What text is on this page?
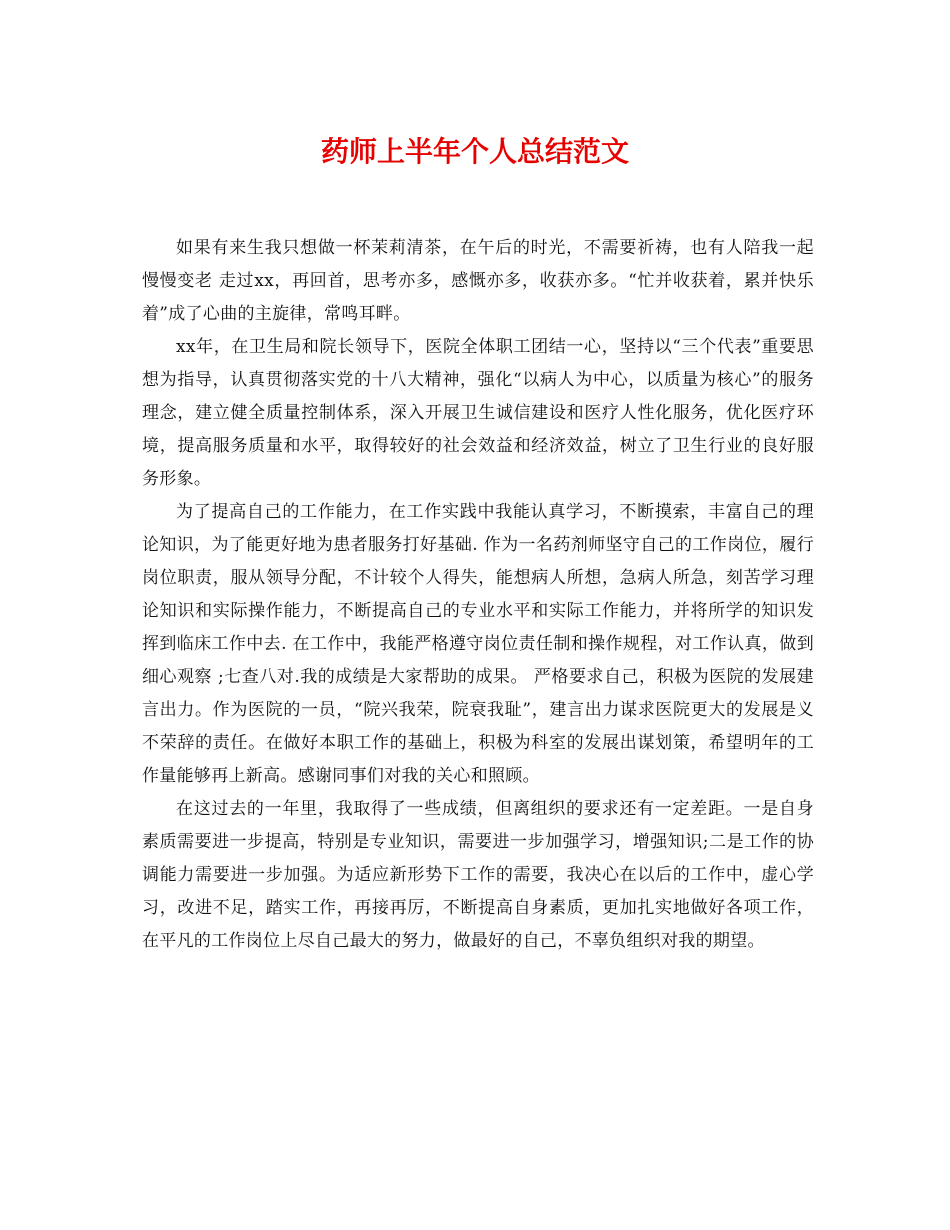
药师上半年个人总结范文

如果有来生我只想做一杯茉莉清茶，在午后的时光，不需要祈祷，也有人陪我一起慢慢变老 走过xx，再回首，思考亦多，感慨亦多，收获亦多。“忙并收获着，累并快乐着”成了心曲的主旋律，常鸣耳畔。

xx年，在卫生局和院长领导下，医院全体职工团结一心，坚持以“三个代表”重要思想为指导，认真贯彻落实党的十八大精神，强化“以病人为中心，以质量为核心”的服务理念，建立健全质量控制体系，深入开展卫生诚信建设和医疗人性化服务，优化医疗环境，提高服务质量和水平，取得较好的社会效益和经济效益，树立了卫生行业的良好服务形象。

为了提高自己的工作能力，在工作实践中我能认真学习，不断摸索，丰富自己的理论知识，为了能更好地为患者服务打好基础. 作为一名药剂师坚守自己的工作岗位，履行岗位职责，服从领导分配，不计较个人得失，能想病人所想，急病人所急，刻苦学习理论知识和实际操作能力，不断提高自己的专业水平和实际工作能力，并将所学的知识发挥到临床工作中去. 在工作中，我能严格遵守岗位责任制和操作规程，对工作认真，做到细心观察 ;七查八对.我的成绩是大家帮助的成果。 严格要求自己，积极为医院的发展建言出力。作为医院的一员，“院兴我荣，院衰我耻”，建言出力谋求医院更大的发展是义不荣辞的责任。在做好本职工作的基础上，积极为科室的发展出谋划策，希望明年的工作量能够再上新高。感谢同事们对我的关心和照顾。

在这过去的一年里，我取得了一些成绩，但离组织的要求还有一定差距。一是自身素质需要进一步提高，特别是专业知识，需要进一步加强学习，增强知识;二是工作的协调能力需要进一步加强。为适应新形势下工作的需要，我决心在以后的工作中，虚心学习，改进不足，踏实工作，再接再厉，不断提高自身素质，更加扎实地做好各项工作，在平凡的工作岗位上尽自己最大的努力，做最好的自己，不辜负组织对我的期望。
